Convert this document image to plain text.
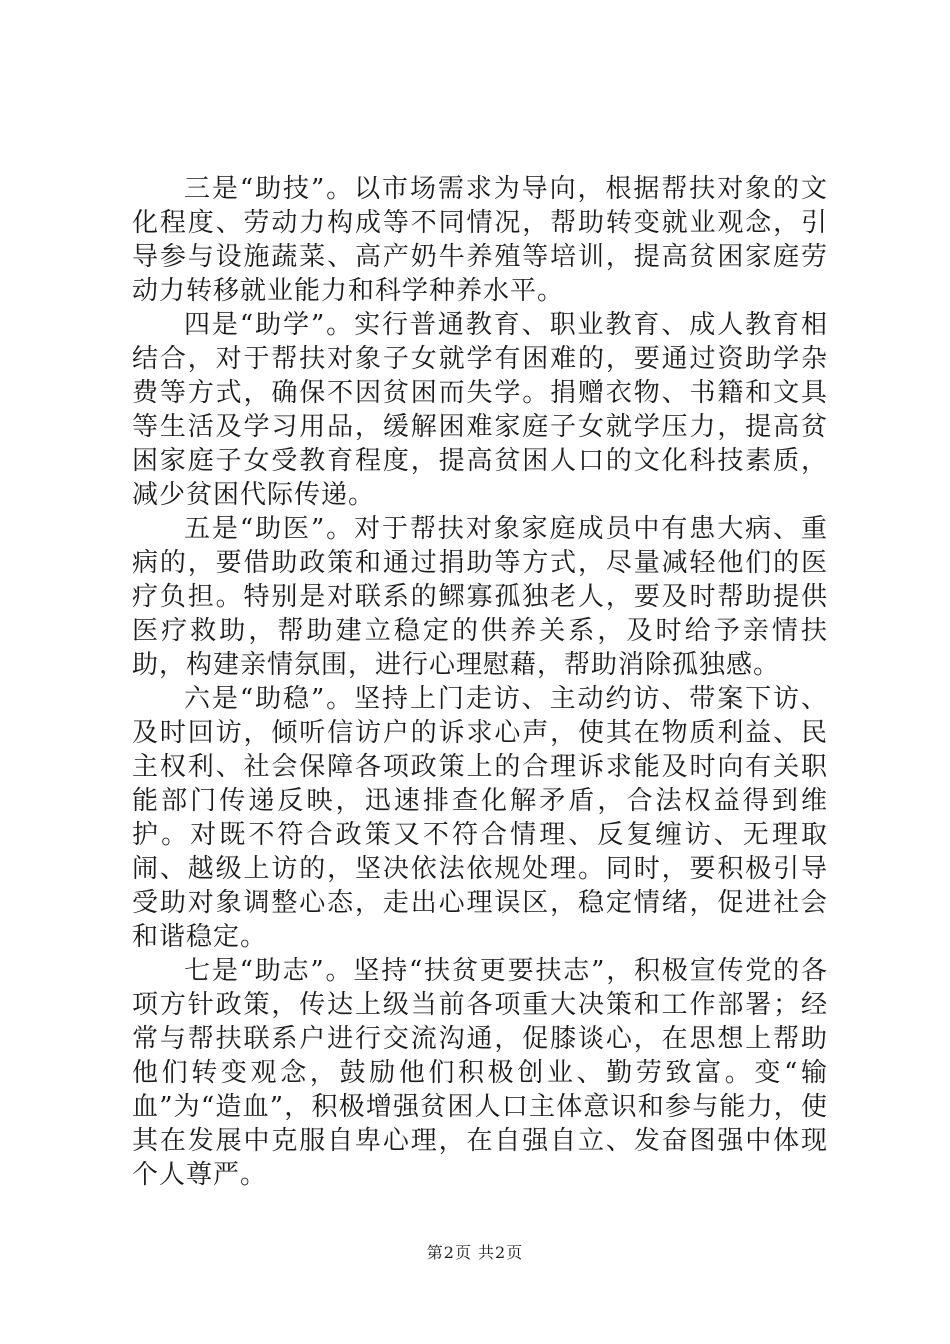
三是“助技”。以市场需求为导向，根据帮扶对象的文化程度、劳动力构成等不同情况，帮助转变就业观念，引导参与设施蔬菜、高产奶牛养殖等培训，提高贫困家庭劳动力转移就业能力和科学种养水平。

四是“助学”。实行普通教育、职业教育、成人教育相结合，对于帮扶对象子女就学有困难的，要通过资助学杂费等方式，确保不因贫困而失学。捐赠衣物、书籍和文具等生活及学习用品，缓解困难家庭子女就学压力，提高贫困家庭子女受教育程度，提高贫困人口的文化科技素质，减少贫困代际传递。

五是“助医”。对于帮扶对象家庭成员中有患大病、重病的，要借助政策和通过捐助等方式，尽量减轻他们的医疗负担。特别是对联系的鳏寡孤独老人，要及时帮助提供医疗救助，帮助建立稳定的供养关系，及时给予亲情扶助，构建亲情氛围，进行心理慰藉，帮助消除孤独感。

六是“助稳”。坚持上门走访、主动约访、带案下访、及时回访，倾听信访户的诉求心声，使其在物质利益、民主权利、社会保障各项政策上的合理诉求能及时向有关职能部门传递反映，迅速排查化解矛盾，合法权益得到维护。对既不符合政策又不符合情理、反复缠访、无理取闹、越级上访的，坚决依法依规处理。同时，要积极引导受助对象调整心态，走出心理误区，稳定情绪，促进社会和谐稳定。

七是“助志”。坚持“扶贫更要扶志”，积极宣传党的各项方针政策，传达上级当前各项重大决策和工作部署；经常与帮扶联系户进行交流沟通，促膝谈心，在思想上帮助他们转变观念，鼓励他们积极创业、勤劳致富。变“输血”为“造血”，积极增强贫困人口主体意识和参与能力，使其在发展中克服自卑心理，在自强自立、发奋图强中体现个人尊严。

第2页 共2页
